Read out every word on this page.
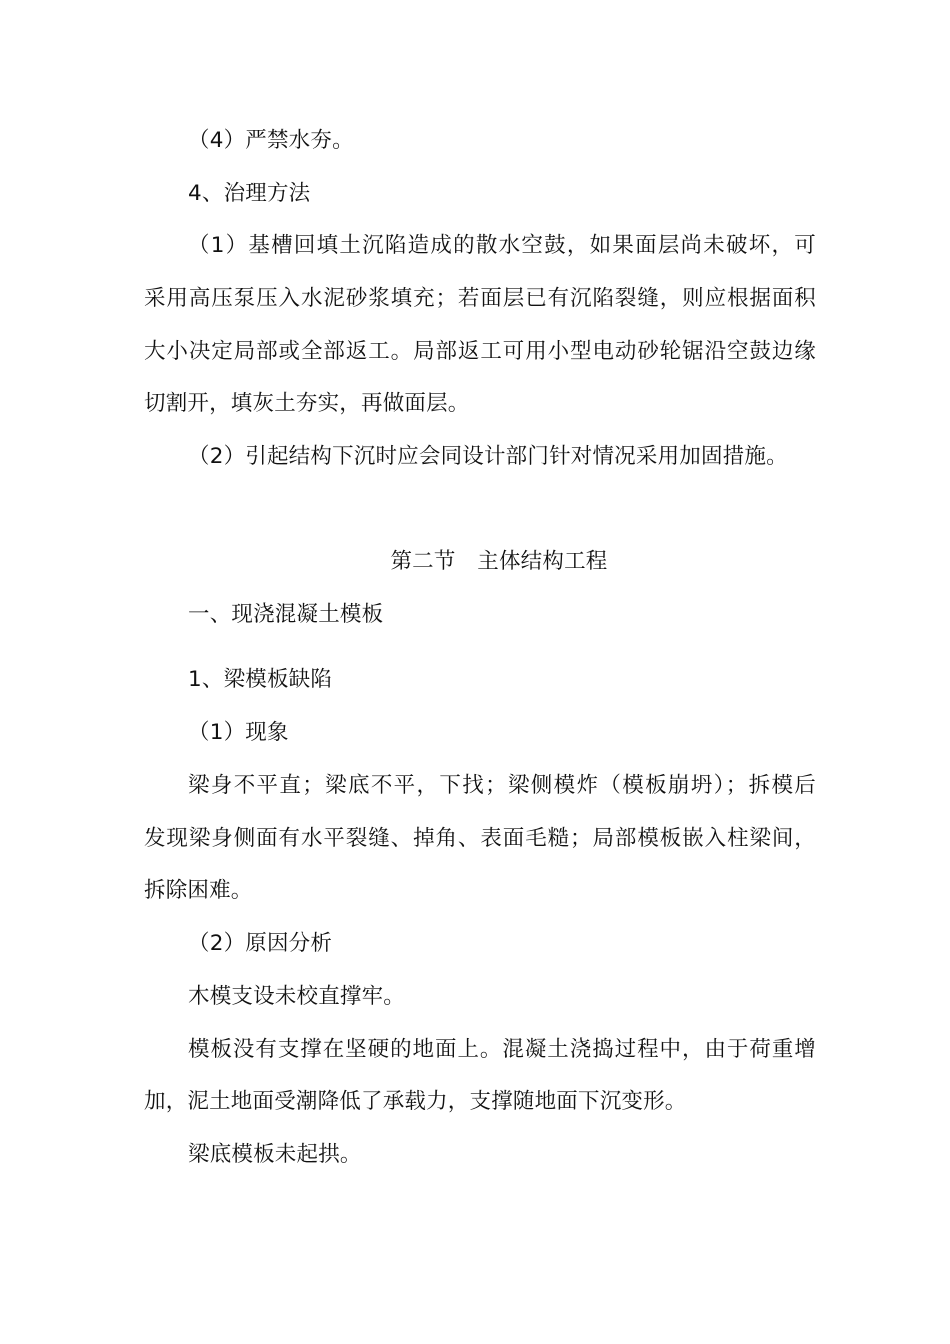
（4）严禁水夯。
4、治理方法
（1）基槽回填土沉陷造成的散水空鼓，如果面层尚未破坏，可
采用高压泵压入水泥砂浆填充；若面层已有沉陷裂缝，则应根据面积
大小决定局部或全部返工。局部返工可用小型电动砂轮锯沿空鼓边缘
切割开，填灰土夯实，再做面层。
（2）引起结构下沉时应会同设计部门针对情况采用加固措施。
第二节　主体结构工程
一、现浇混凝土模板
1、梁模板缺陷
（1）现象
梁身不平直；梁底不平，下找；梁侧模炸（模板崩坍）；拆模后
发现梁身侧面有水平裂缝、掉角、表面毛糙；局部模板嵌入柱梁间，
拆除困难。
（2）原因分析
木模支设未校直撑牢。
模板没有支撑在坚硬的地面上。混凝土浇捣过程中，由于荷重增
加，泥土地面受潮降低了承载力，支撑随地面下沉变形。
梁底模板未起拱。
